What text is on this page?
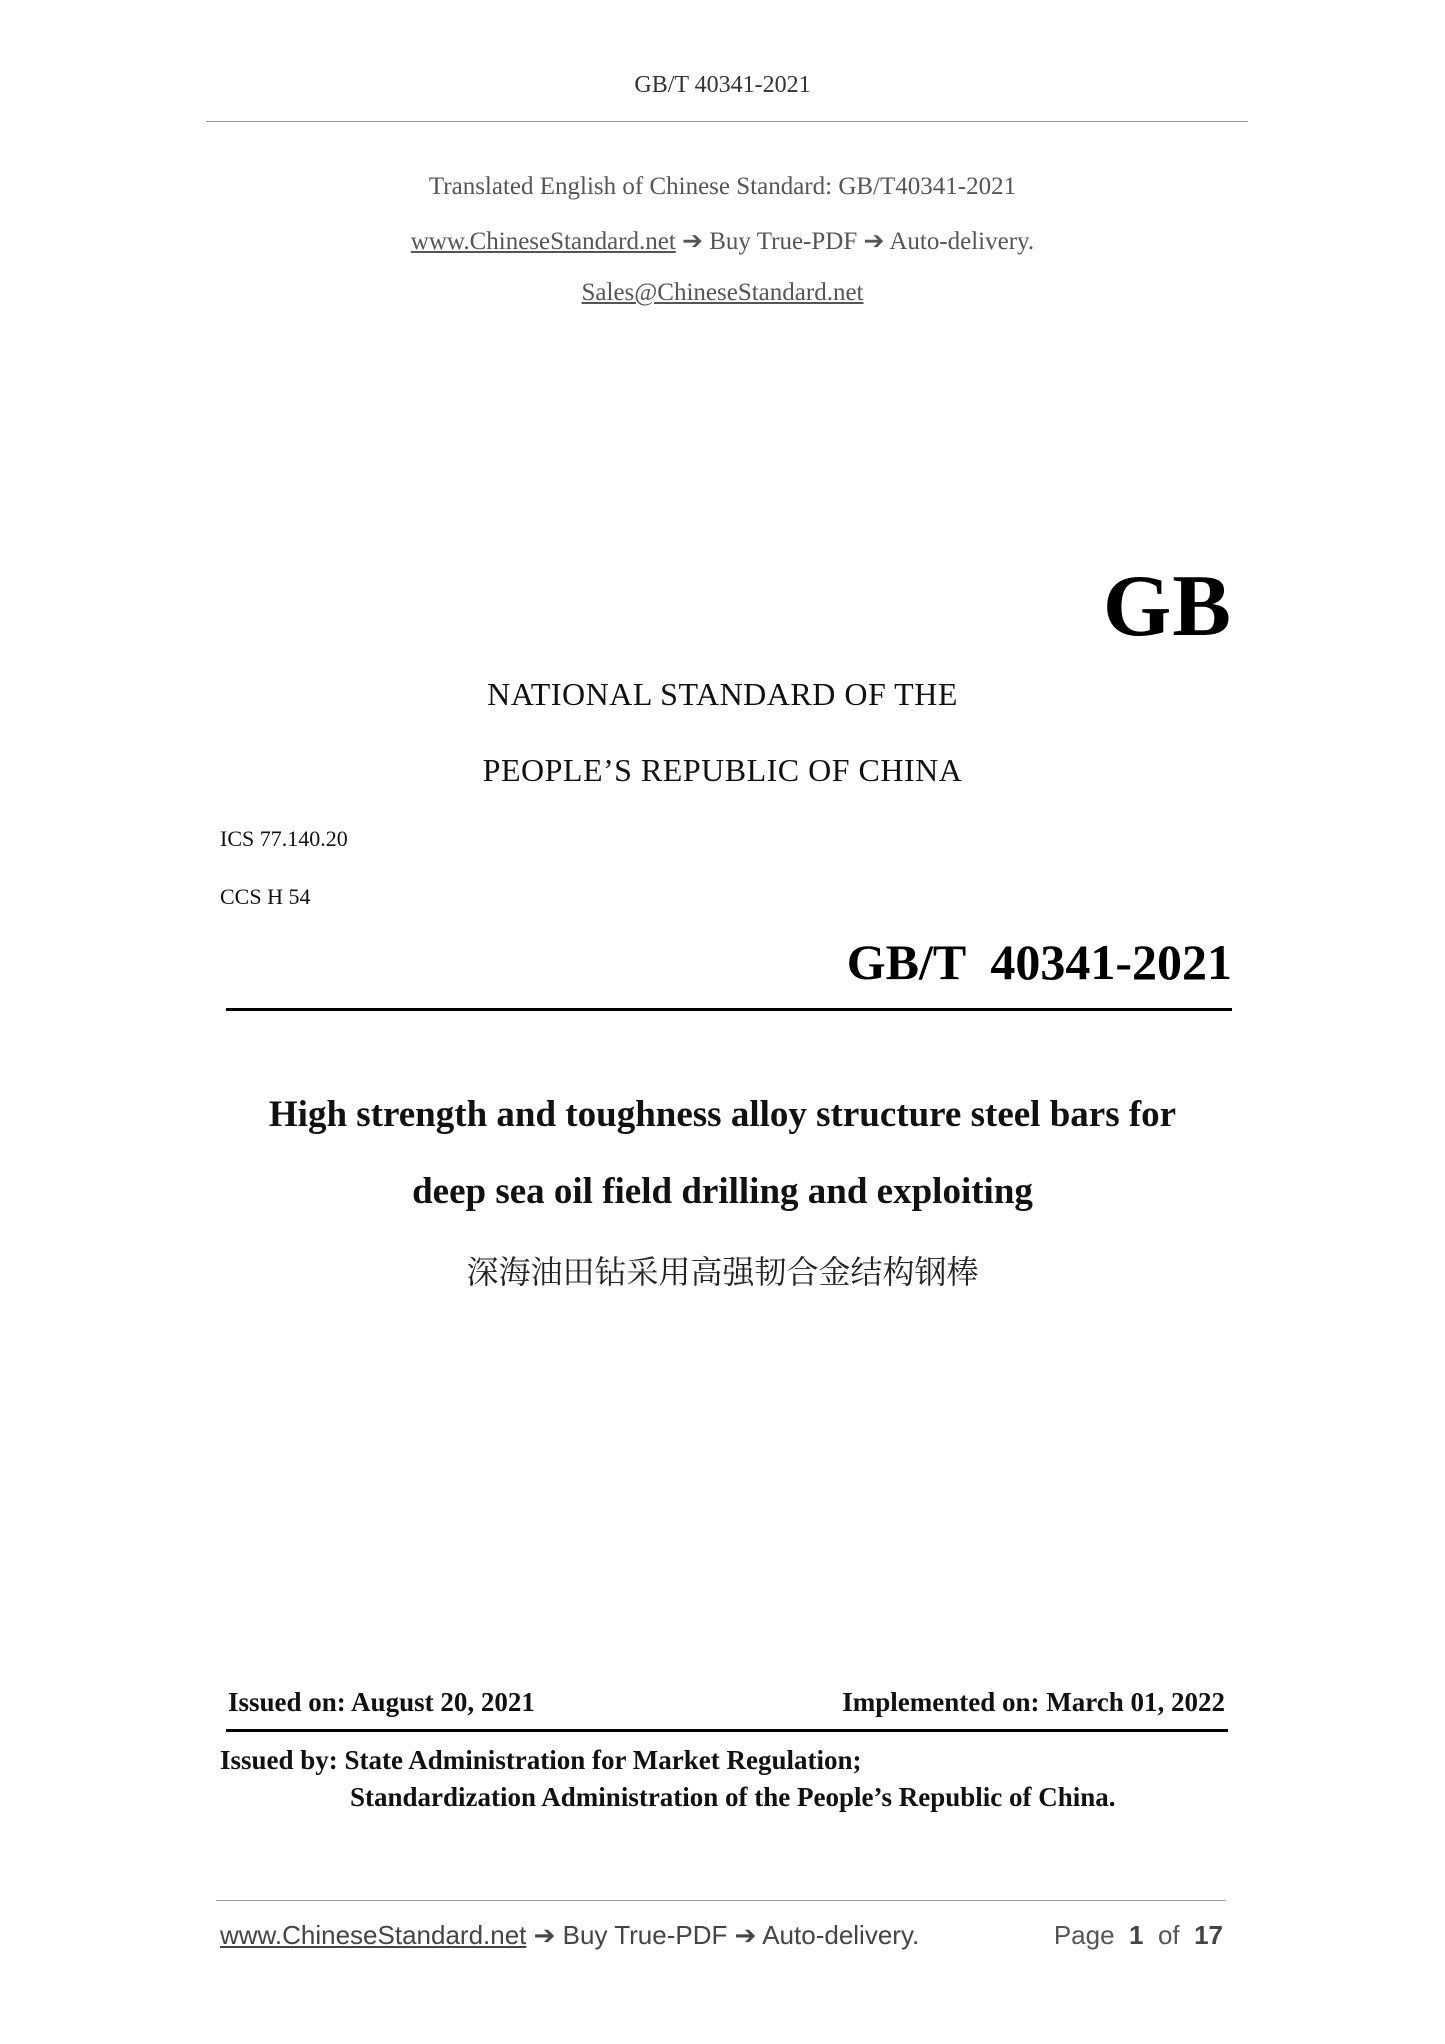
GB/T 40341-2021
Translated English of Chinese Standard: GB/T40341-2021
www.ChineseStandard.net ➔ Buy True-PDF ➔ Auto-delivery.
Sales@ChineseStandard.net
GB
NATIONAL STANDARD OF THE
PEOPLE’S REPUBLIC OF CHINA
ICS 77.140.20
CCS H 54
GB/T  40341-2021
High strength and toughness alloy structure steel bars for
deep sea oil field drilling and exploiting
深海油田钻采用高强韧合金结构钢棒
Issued on: August 20, 2021	Implemented on: March 01, 2022
Issued by: State Administration for Market Regulation;
Standardization Administration of the People’s Republic of China.
www.ChineseStandard.net ➔ Buy True-PDF ➔ Auto-delivery.	Page 1 of 17
